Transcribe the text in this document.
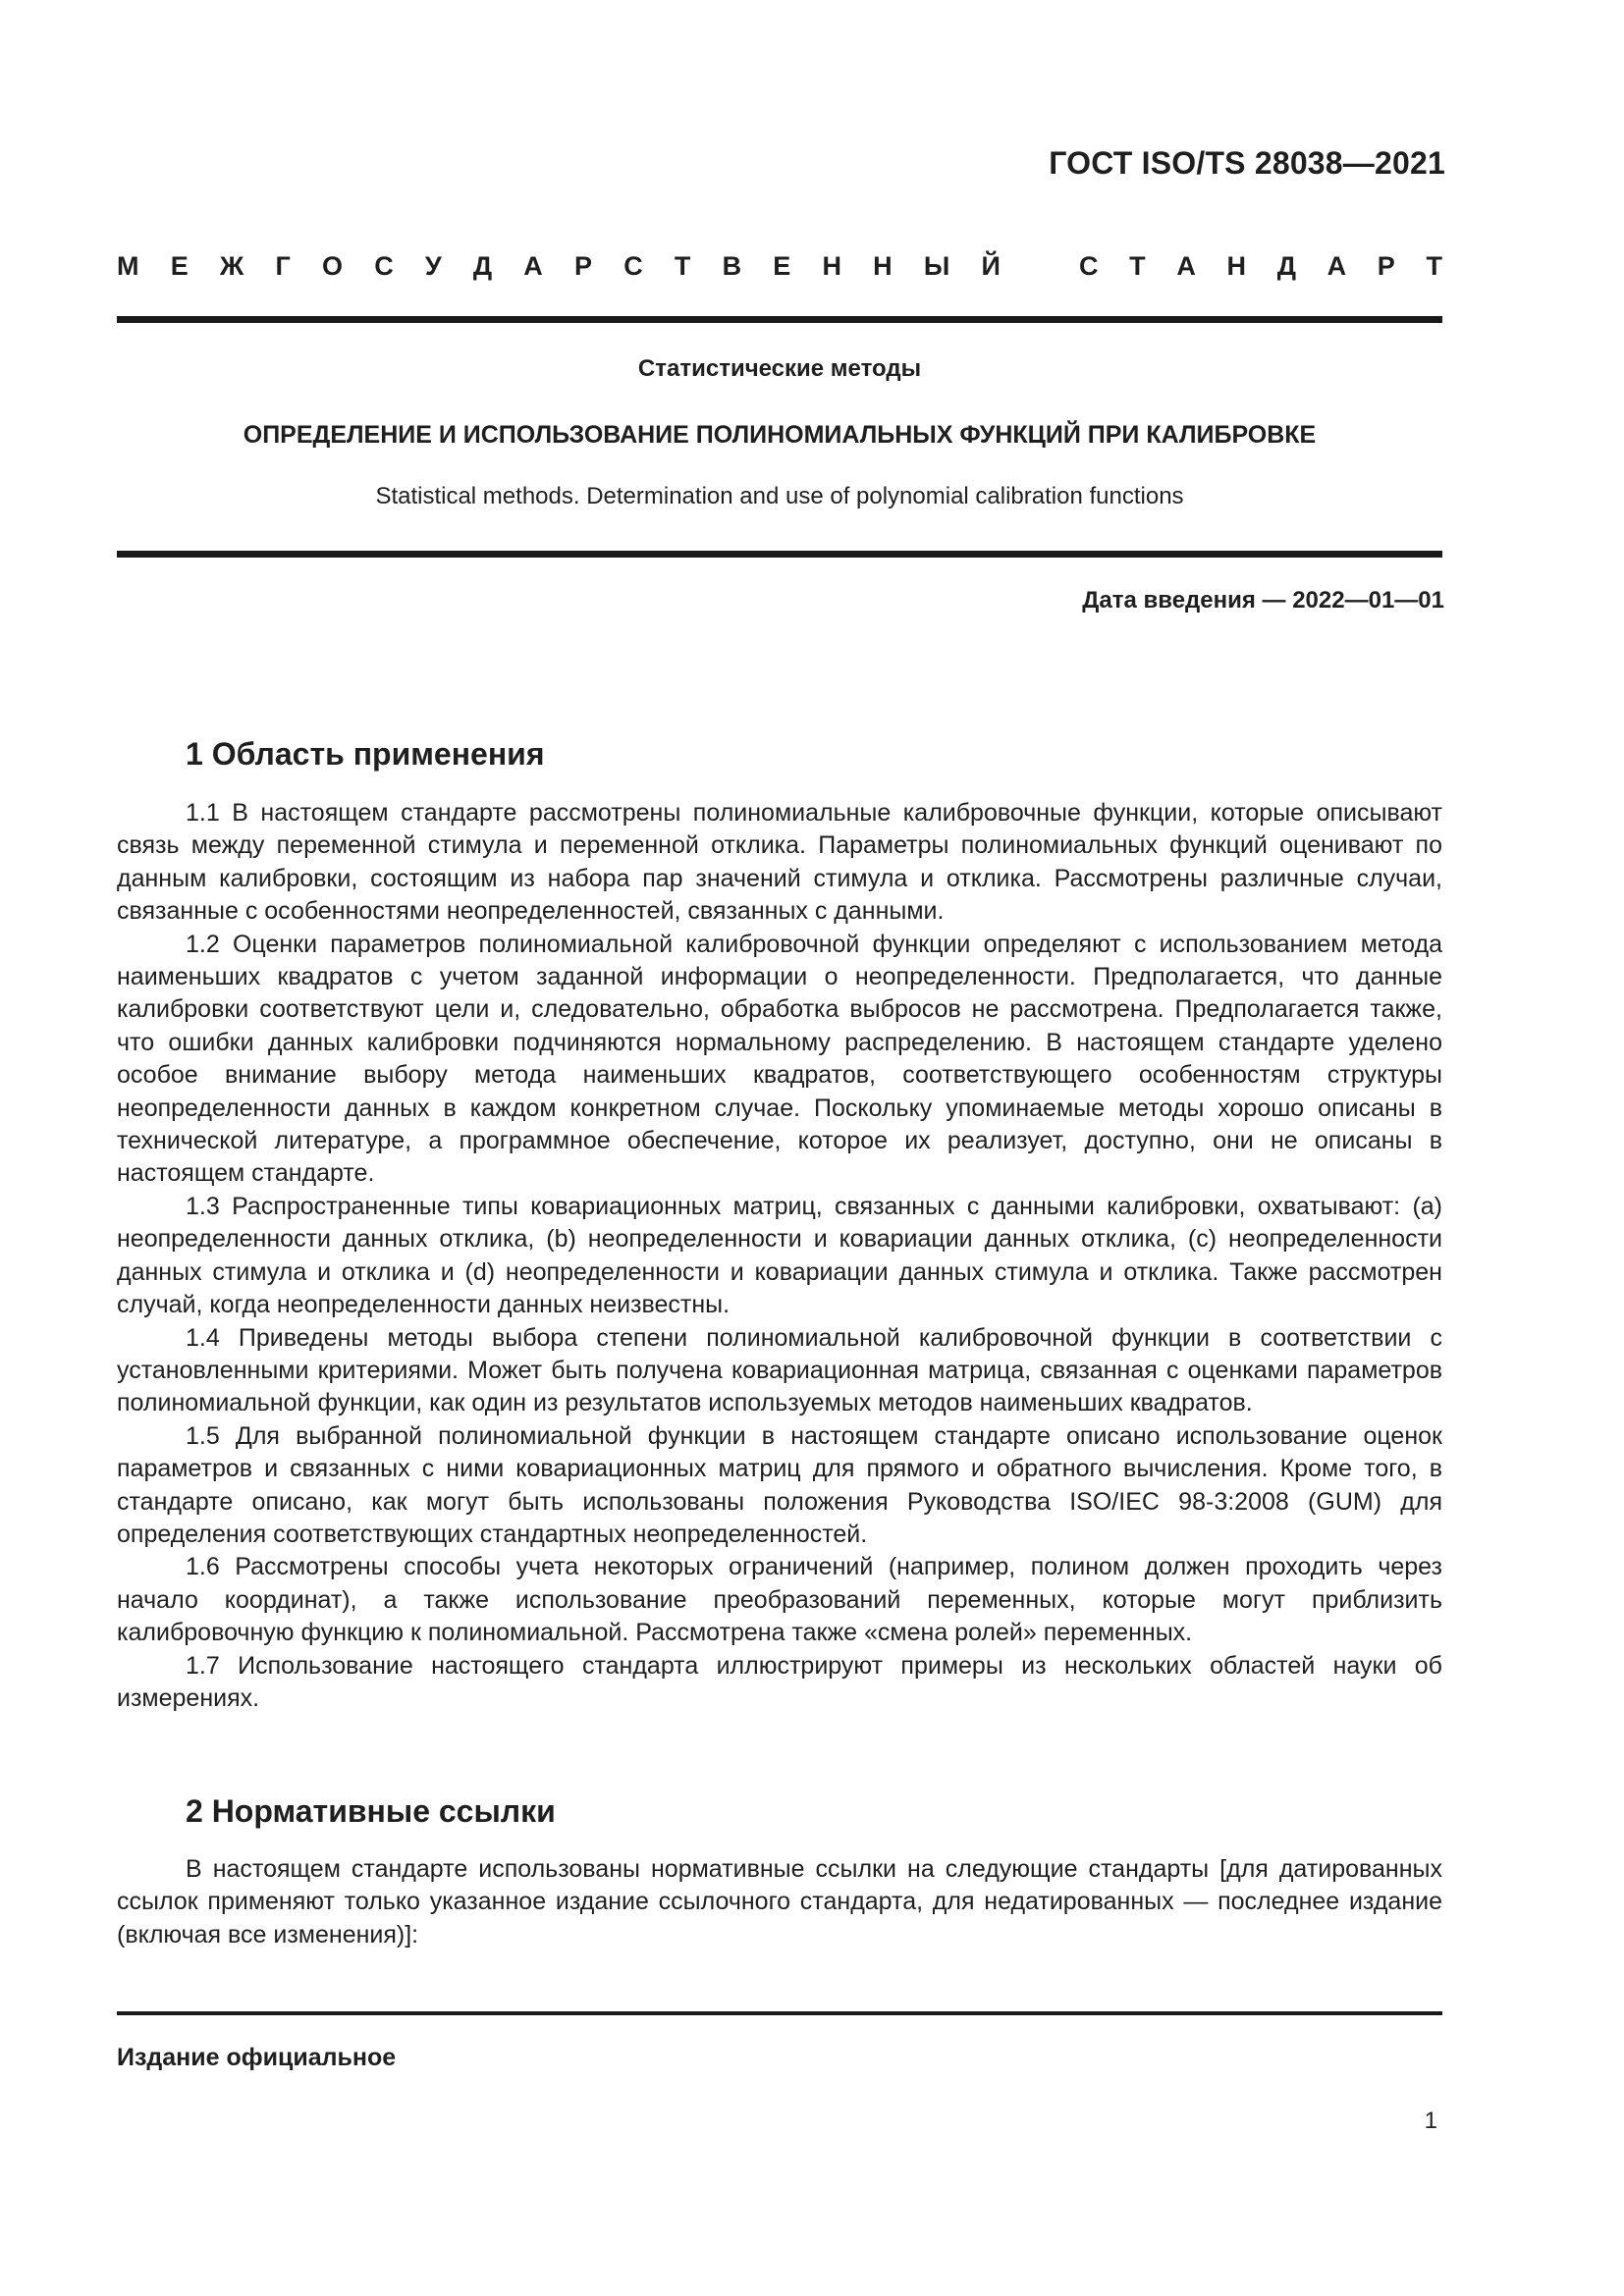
ГОСТ ISO/TS 28038—2021
М Е Ж Г О С У Д А Р С Т В Е Н Н Ы Й	С Т А Н Д А Р Т
Статистические методы
ОПРЕДЕЛЕНИЕ И ИСПОЛЬЗОВАНИЕ ПОЛИНОМИАЛЬНЫХ ФУНКЦИЙ ПРИ КАЛИБРОВКЕ
Statistical methods. Determination and use of polynomial calibration functions
Дата введения — 2022—01—01
1 Область применения

1.1 В настоящем стандарте рассмотрены полиномиальные калибровочные функции, которые описывают связь между переменной стимула и переменной отклика. Параметры полиномиальных функций оценивают по данным калибровки, состоящим из набора пар значений стимула и отклика. Рассмотрены различные случаи, связанные с особенностями неопределенностей, связанных с данными.

1.2 Оценки параметров полиномиальной калибровочной функции определяют с использованием метода наименьших квадратов с учетом заданной информации о неопределенности. Предполагается, что данные калибровки соответствуют цели и, следовательно, обработка выбросов не рассмотрена. Предполагается также, что ошибки данных калибровки подчиняются нормальному распределению. В настоящем стандарте уделено особое внимание выбору метода наименьших квадратов, соответствующего особенностям структуры неопределенности данных в каждом конкретном случае. Поскольку упоминаемые методы хорошо описаны в технической литературе, а программное обеспечение, которое их реализует, доступно, они не описаны в настоящем стандарте.

1.3 Распространенные типы ковариационных матриц, связанных с данными калибровки, охватывают: (a) неопределенности данных отклика, (b) неопределенности и ковариации данных отклика, (c) неопределенности данных стимула и отклика и (d) неопределенности и ковариации данных стимула и отклика. Также рассмотрен случай, когда неопределенности данных неизвестны.

1.4 Приведены методы выбора степени полиномиальной калибровочной функции в соответствии с установленными критериями. Может быть получена ковариационная матрица, связанная с оценками параметров полиномиальной функции, как один из результатов используемых методов наименьших квадратов.

1.5 Для выбранной полиномиальной функции в настоящем стандарте описано использование оценок параметров и связанных с ними ковариационных матриц для прямого и обратного вычисления. Кроме того, в стандарте описано, как могут быть использованы положения Руководства ISO/IEC 98-3:2008 (GUM) для определения соответствующих стандартных неопределенностей.

1.6 Рассмотрены способы учета некоторых ограничений (например, полином должен проходить через начало координат), а также использование преобразований переменных, которые могут приблизить калибровочную функцию к полиномиальной. Рассмотрена также «смена ролей» переменных.

1.7 Использование настоящего стандарта иллюстрируют примеры из нескольких областей науки об измерениях.

2 Нормативные ссылки

В настоящем стандарте использованы нормативные ссылки на следующие стандарты [для датированных ссылок применяют только указанное издание ссылочного стандарта, для недатированных — последнее издание (включая все изменения)]:

Издание официальное
1
